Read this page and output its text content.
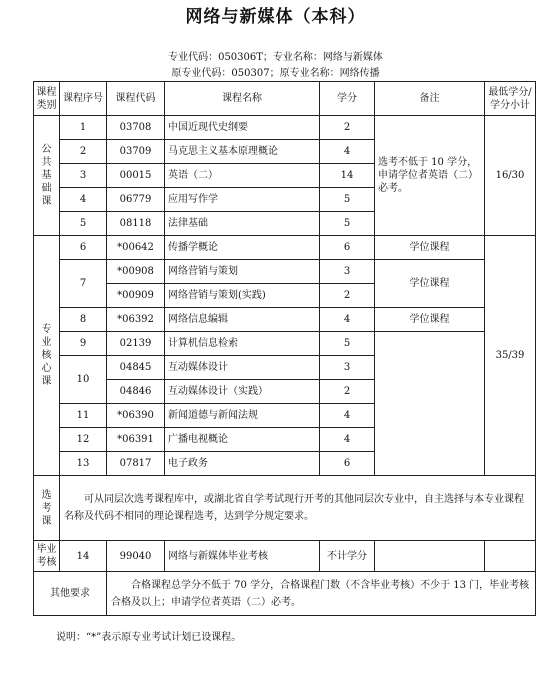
网络与新媒体（本科）
专业代码：050306T；专业名称：网络与新媒体
原专业代码：050307；原专业名称：网络传播
课程类别	课程序号	课程代码	课程名称	学分	备注	最低学分/学分小计
公共基础课	1	03708	中国近现代史纲要	2	选考不低于 10 学分，申请学位者英语（二）必考。	16/30
	2	03709	马克思主义基本原理概论	4		
	3	00015	英语（二）	14		
	4	06779	应用写作学	5		
	5	08118	法律基础	5		
专业核心课	6	*00642	传播学概论	6	学位课程	35/39
	7	*00908	网络营销与策划	3	学位课程	
		*00909	网络营销与策划(实践)	2		
	8	*06392	网络信息编辑	4	学位课程	
	9	02139	计算机信息检索	5		
	10	04845	互动媒体设计	3		
		04846	互动媒体设计（实践）	2		
	11	*06390	新闻道德与新闻法规	4		
	12	*06391	广播电视概论	4		
	13	07817	电子政务	6		
选考课	可从同层次选考课程库中，或湖北省自学考试现行开考的其他同层次专业中，自主选择与本专业课程名称及代码不相同的理论课程选考，达到学分规定要求。					
毕业考核	14	99040	网络与新媒体毕业考核	不计学分		
其他要求		合格课程总学分不低于 70 学分，合格课程门数（不含毕业考核）不少于 13 门，毕业考核合格及以上；申请学位者英语（二）必考。				
说明：“*”表示原专业考试计划已设课程。
